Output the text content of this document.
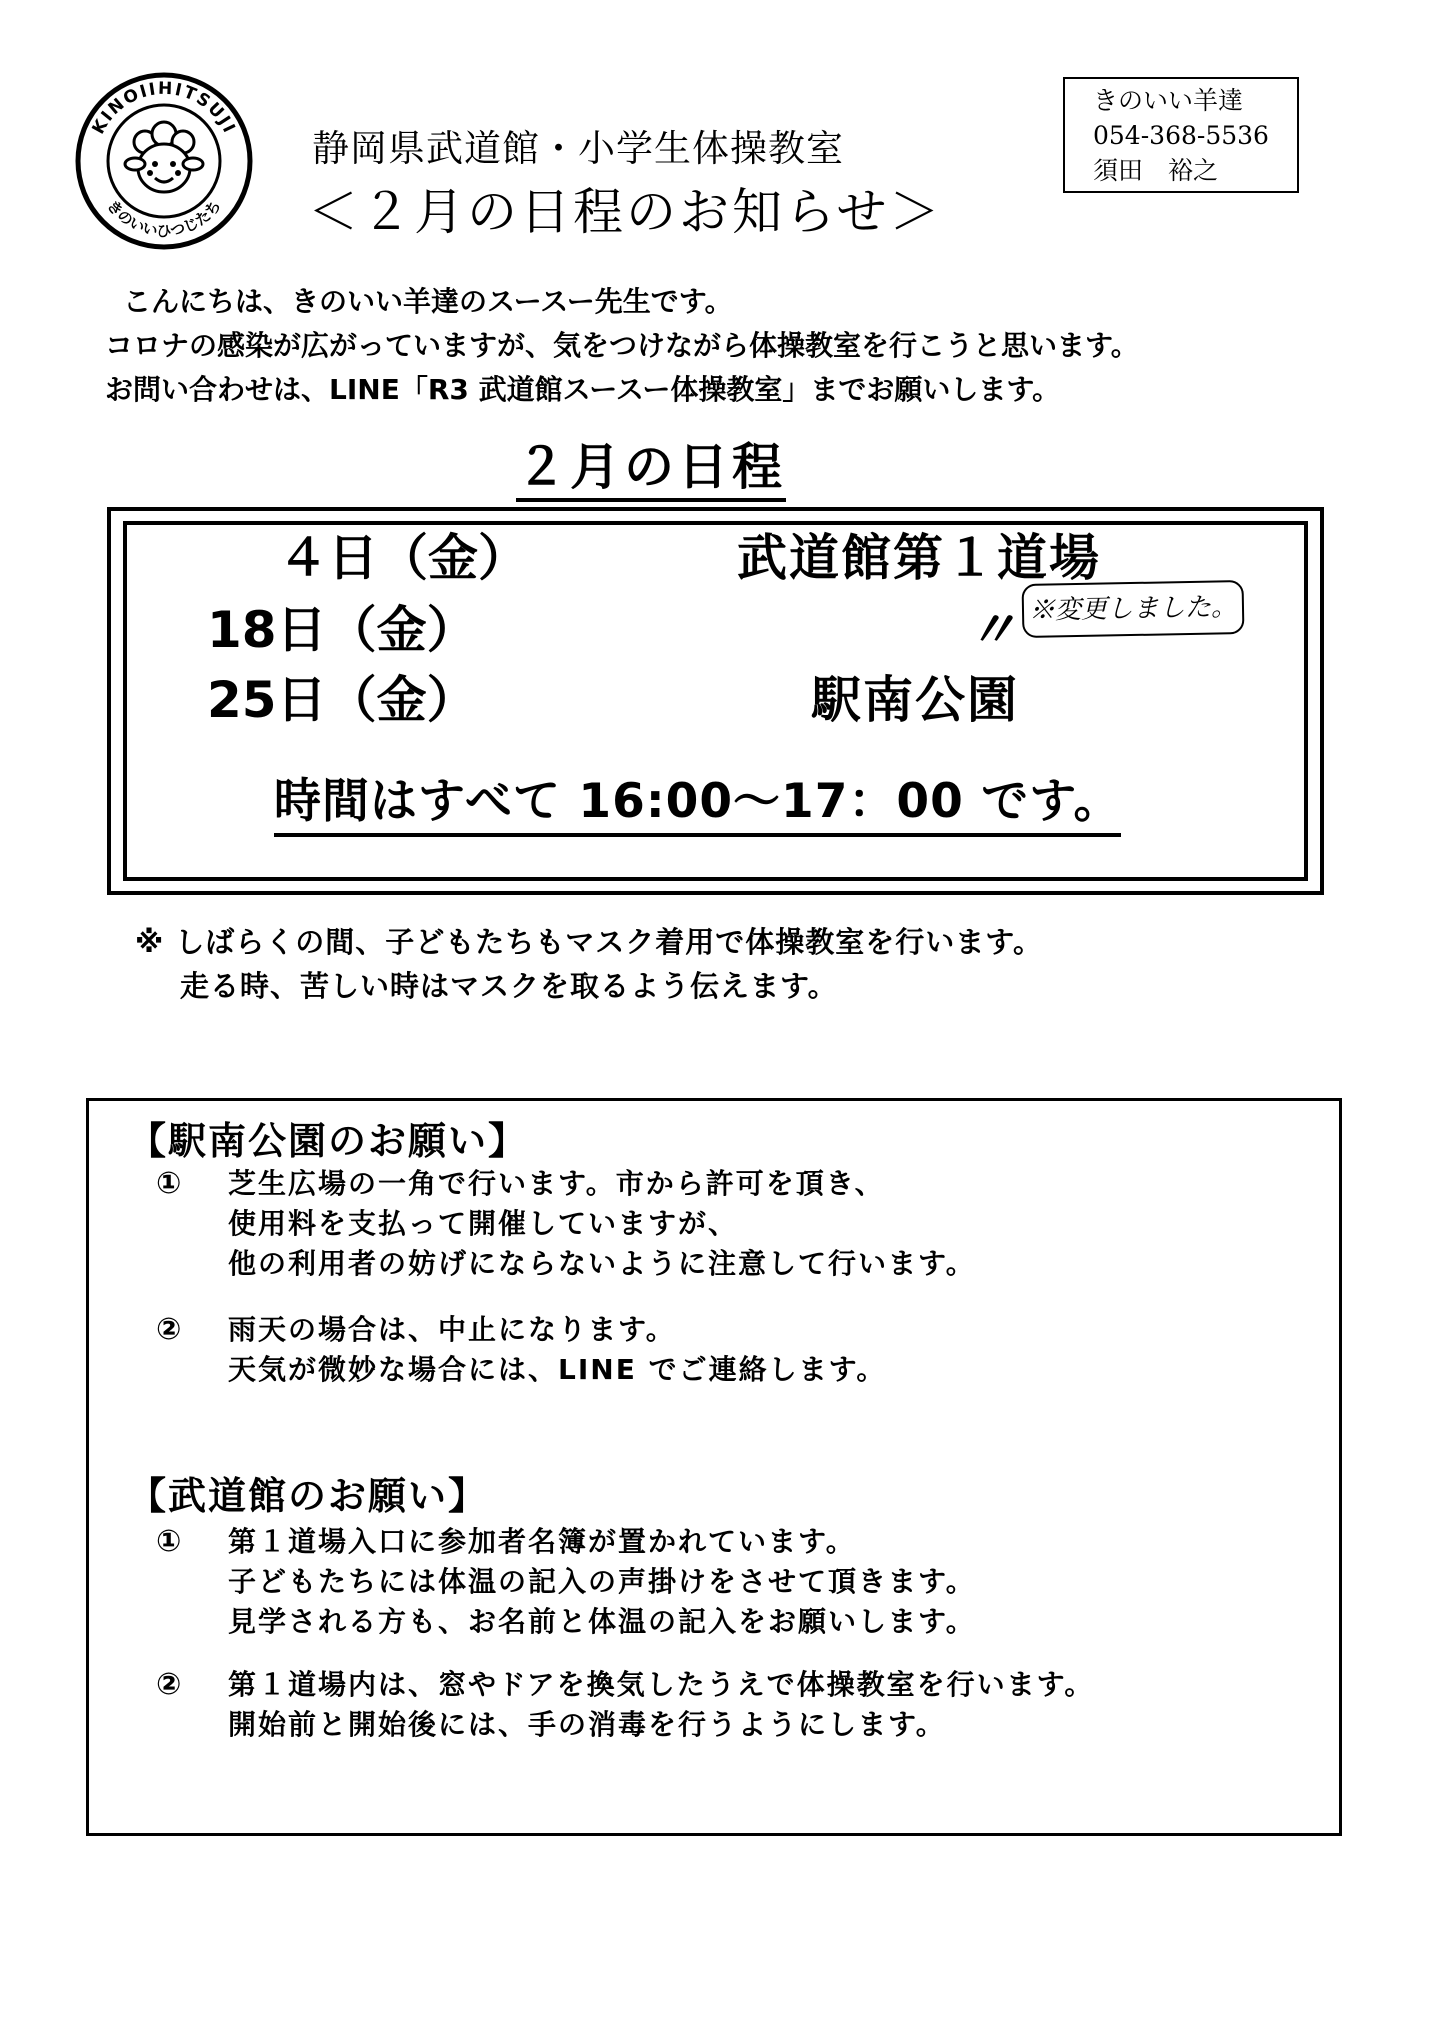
KINOIIHITSUJI
きのいいひつじたち
静岡県武道館・小学生体操教室
＜２月の日程のお知らせ＞
きのいい羊達
054-368-5536
須田　裕之
こんにちは、きのいい羊達のスースー先生です。
コロナの感染が広がっていますが、気をつけながら体操教室を行こうと思います。
お問い合わせは、LINE「R3 武道館スースー体操教室」までお願いします。
２月の日程
４日（金）	武道館第１道場
18日（金）	〃 ※変更しました。
25日（金）	駅南公園
時間はすべて 16:00～17：00 です。
※ しばらくの間、子どもたちもマスク着用で体操教室を行います。
走る時、苦しい時はマスクを取るよう伝えます。
【駅南公園のお願い】
① 芝生広場の一角で行います。市から許可を頂き、
使用料を支払って開催していますが、
他の利用者の妨げにならないように注意して行います。
② 雨天の場合は、中止になります。
天気が微妙な場合には、LINE でご連絡します。
【武道館のお願い】
① 第１道場入口に参加者名簿が置かれています。
子どもたちには体温の記入の声掛けをさせて頂きます。
見学される方も、お名前と体温の記入をお願いします。
② 第１道場内は、窓やドアを換気したうえで体操教室を行います。
開始前と開始後には、手の消毒を行うようにします。
